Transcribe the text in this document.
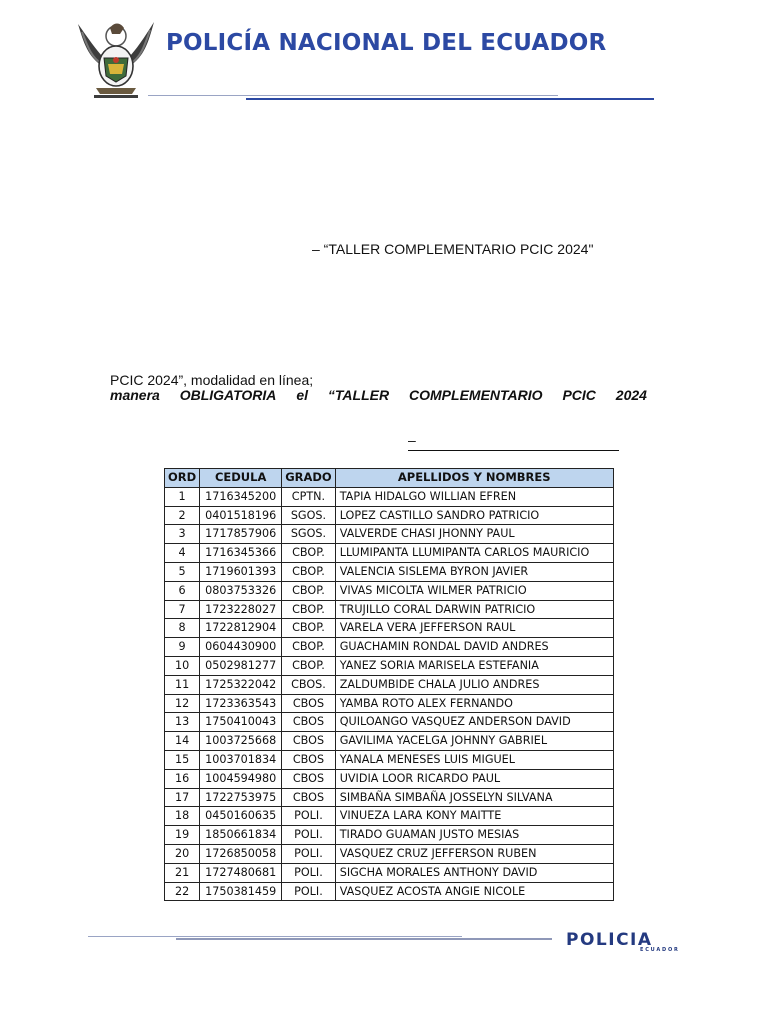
POLICÍA NACIONAL DEL ECUADOR
– “TALLER COMPLEMENTARIO PCIC 2024"
PCIC 2024”, modalidad en línea;
manera OBLIGATORIA el “TALLER COMPLEMENTARIO PCIC 2024
–
ORD	CEDULA	GRADO	APELLIDOS Y NOMBRES
1	1716345200	CPTN.	TAPIA HIDALGO WILLIAN EFREN
2	0401518196	SGOS.	LOPEZ CASTILLO SANDRO PATRICIO
3	1717857906	SGOS.	VALVERDE CHASI JHONNY PAUL
4	1716345366	CBOP.	LLUMIPANTA LLUMIPANTA CARLOS MAURICIO
5	1719601393	CBOP.	VALENCIA SISLEMA BYRON JAVIER
6	0803753326	CBOP.	VIVAS MICOLTA WILMER PATRICIO
7	1723228027	CBOP.	TRUJILLO CORAL DARWIN PATRICIO
8	1722812904	CBOP.	VARELA VERA JEFFERSON RAUL
9	0604430900	CBOP.	GUACHAMIN RONDAL DAVID ANDRES
10	0502981277	CBOP.	YANEZ SORIA MARISELA ESTEFANIA
11	1725322042	CBOS.	ZALDUMBIDE CHALA JULIO ANDRES
12	1723363543	CBOS	YAMBA ROTO ALEX FERNANDO
13	1750410043	CBOS	QUILOANGO VASQUEZ ANDERSON DAVID
14	1003725668	CBOS	GAVILIMA YACELGA JOHNNY GABRIEL
15	1003701834	CBOS	YANALA MENESES LUIS MIGUEL
16	1004594980	CBOS	UVIDIA LOOR RICARDO PAUL
17	1722753975	CBOS	SIMBAÑA SIMBAÑA JOSSELYN SILVANA
18	0450160635	POLI.	VINUEZA LARA KONY MAITTE
19	1850661834	POLI.	TIRADO GUAMAN JUSTO MESIAS
20	1726850058	POLI.	VASQUEZ CRUZ JEFFERSON RUBEN
21	1727480681	POLI.	SIGCHA MORALES ANTHONY DAVID
22	1750381459	POLI.	VASQUEZ ACOSTA ANGIE NICOLE
POLICIA
ECUADOR
